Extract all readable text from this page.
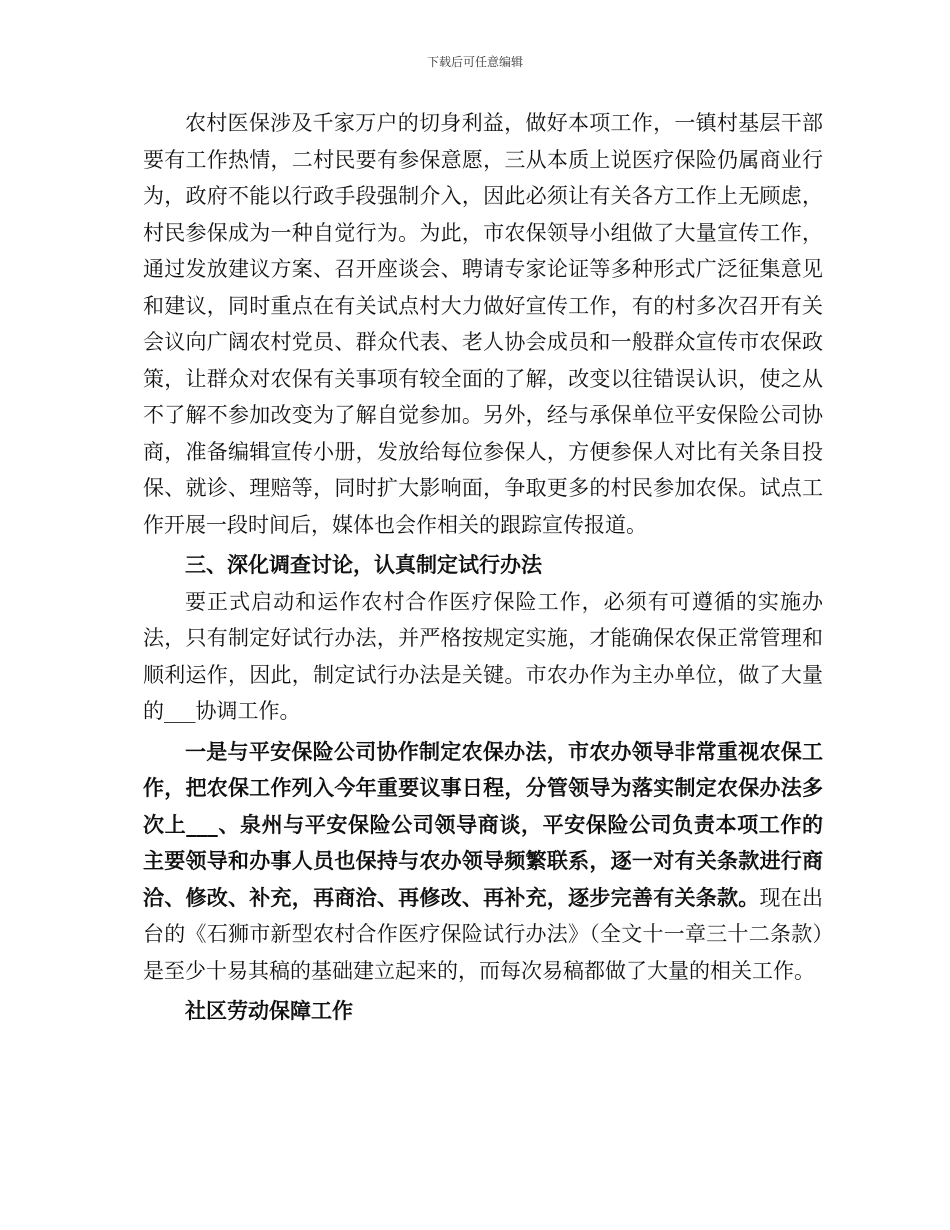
下载后可任意编辑

农村医保涉及千家万户的切身利益，做好本项工作，一镇村基层干部要有工作热情，二村民要有参保意愿，三从本质上说医疗保险仍属商业行为，政府不能以行政手段强制介入，因此必须让有关各方工作上无顾虑，村民参保成为一种自觉行为。为此，市农保领导小组做了大量宣传工作，通过发放建议方案、召开座谈会、聘请专家论证等多种形式广泛征集意见和建议，同时重点在有关试点村大力做好宣传工作，有的村多次召开有关会议向广阔农村党员、群众代表、老人协会成员和一般群众宣传市农保政策，让群众对农保有关事项有较全面的了解，改变以往错误认识，使之从不了解不参加改变为了解自觉参加。另外，经与承保单位平安保险公司协商，准备编辑宣传小册，发放给每位参保人，方便参保人对比有关条目投保、就诊、理赔等，同时扩大影响面，争取更多的村民参加农保。试点工作开展一段时间后，媒体也会作相关的跟踪宣传报道。

三、深化调查讨论，认真制定试行办法

要正式启动和运作农村合作医疗保险工作，必须有可遵循的实施办法，只有制定好试行办法，并严格按规定实施，才能确保农保正常管理和顺利运作，因此，制定试行办法是关键。市农办作为主办单位，做了大量的___协调工作。

一是与平安保险公司协作制定农保办法，市农办领导非常重视农保工作，把农保工作列入今年重要议事日程，分管领导为落实制定农保办法多次上___、泉州与平安保险公司领导商谈，平安保险公司负责本项工作的主要领导和办事人员也保持与农办领导频繁联系，逐一对有关条款进行商洽、修改、补充，再商洽、再修改、再补充，逐步完善有关条款。现在出台的《石狮市新型农村合作医疗保险试行办法》（全文十一章三十二条款）是至少十易其稿的基础建立起来的，而每次易稿都做了大量的相关工作。

社区劳动保障工作
